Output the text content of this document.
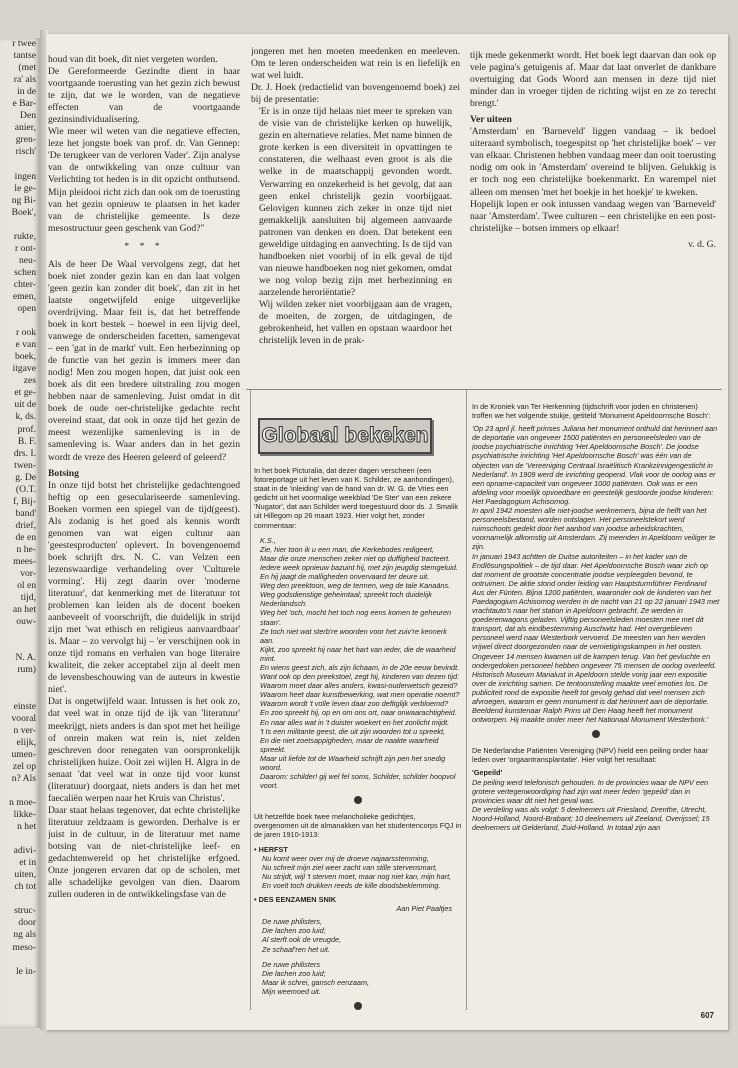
r twee

tantse

(met

ra' als

in de

e Bar-

Den

anier,

gren-

risch'

ingen

le ge-

ng Bi-

Boek',

rukte,

r ont-

neu-

schen

chter-

emen,

open

r ook

e van

boek,

itgave

zes

et ge-

uit de

k, ds.

prof.

B. F.

drs. I.

twen-

g. De

(O.T.

f, Bij-

band'

drief,

de en

n he-

mees-

vor-

ol en

tijd,

an het

ouw-

N. A.

rum)

einste

vooral

n ver-

elijk,

umen-

zel op

n? Als

n moe-

likke-

n het

adivi-

et in

uiten,

ch tot

struc-

door

ng als

meso-

le in-

houd van dit boek, dit niet vergeten worden.

De Gereformeerde Gezindte dient in haar voortgaande toerusting van het gezin zich bewust te zijn, dat we le worden, van de negatieve effecten van de voortgaande gezinsindividualisering.

Wie meer wil weten van die negatieve effecten, leze het jongste boek van prof. dr. Van Gennep: 'De terugkeer van de verloren Vader'. Zijn analyse van de ontwikkeling van onze cultuur van Verlichting tot heden is in dit opzicht onthutsend. Mijn pleidooi richt zich dan ook om de toerusting van het gezin opnieuw te plaatsen in het kader van de christelijke gemeente. Is deze mesostructuur geen geschenk van God?"

* * *

Als de heer De Waal vervolgens zegt, dat het boek niet zonder gezin kan en dan laat volgen 'geen gezin kan zonder dit boek', dan zit in het laatste ongetwijfeld enige uitgeverlijke overdrijving. Maar feit is, dat het betreffende boek in kort bestek – hoewel in een lijvig deel, vanwege de onderscheiden facetten, samengevat – een 'gat in de markt' vult. Een herbezinning op de functie van het gezin is immers meer dan nodig! Men zou mogen hopen, dat juist ook een boek als dit een bredere uitstraling zou mogen hebben naar de samenleving. Juist omdat in dit boek de oude oer-christelijke gedachte recht overeind staat, dat ook in onze tijd het gezin de meest wezenlijke samenleving is in de samenleving is. Waar anders dan in het gezin wordt de vreze des Heeren geleerd of geleerd?

Botsing

In onze tijd botst het christelijke gedachtengoed heftig op een geseculariseerde samenleving. Boeken vormen een spiegel van de tijd(geest). Als zodanig is het goed als kennis wordt genomen van wat eigen cultuur aan 'geestesproducten' oplevert. In bovengenoemd boek schrijft drs. N. C. van Velzen een lezenswaardige verhandeling over 'Culturele vorming'. Hij zegt daarin over 'moderne literatuur', dat kenmerking met de literatuur tot problemen kan leiden als de docent boeken aanbeveelt of voorschrijft, die duidelijk in strijd zijn met 'wat ethisch en religieus aanvaardbaar' is. Maar – zo vervolgt hij – 'er verschijnen ook in onze tijd romans en verhalen van hoge literaire kwaliteit, die zeker acceptabel zijn al deelt men de levensbeschouwing van de auteurs in kwestie niet'.

Dat is ongetwijfeld waar. Intussen is het ook zo, dat veel wat in onze tijd de ijk van 'literatuur' meekrijgt, niets anders is dan spot met het heilige of onrein maken wat rein is, niet zelden geschreven door renegaten van oorspronkelijk christelijken huize. Ooit zei wijlen H. Algra in de senaat 'dat veel wat in onze tijd voor kunst (literatuur) doorgaat, niets anders is dan het met faecaliën werpen naar het Kruis van Christus'.

Daar staat helaas tegenover, dat echte christelijke literatuur zeldzaam is geworden. Derhalve is er juist in de cultuur, in de literatuur met name botsing van de niet-christelijke leef- en gedachtenwereld op het christelijke erfgoed. Onze jongeren ervaren dat op de scholen, met alle schadelijke gevolgen van dien. Daarom zullen ouderen in de ontwikkelingsfase van de

jongeren met hen moeten meedenken en meeleven. Om te leren onderscheiden wat rein is en liefelijk en wat wel luidt.

Dr. J. Hoek (redactielid van bovengenoemd boek) zei bij de presentatie:

'Er is in onze tijd helaas niet meer te spreken van de visie van de christelijke kerken op huwelijk, gezin en alternatieve relaties. Met name binnen de grote kerken is een diversiteit in opvattingen te constateren, die welhaast even groot is als die welke in de maatschappij gevonden wordt. Verwarring en onzekerheid is het gevolg, dat aan geen enkel christelijk gezin voorbijgaat. Gelovigen kunnen zich zeker in onze tijd niet gemakkelijk aansluiten bij algemeen aanvaarde patronen van denken en doen. Dat betekent een geweldige uitdaging en aanvechting. Is de tijd van handboeken niet voorbij of in elk geval de tijd van nieuwe handboeken nog niet gekomen, omdat we nog volop bezig zijn met herbezinning en aarzelende heroriëntatie?

Wij wilden zeker niet voorbijgaan aan de vragen, de moeiten, de zorgen, de uitdagingen, de gebrokenheid, het vallen en opstaan waardoor het christelijk leven in de prak-

tijk mede gekenmerkt wordt. Het boek legt daarvan dan ook op vele pagina's getuigenis af. Maar dat laat onverlet de dankbare overtuiging dat Gods Woord aan mensen in deze tijd niet minder dan in vroeger tijden de richting wijst en ze zo terecht brengt.'

Ver uiteen

'Amsterdam' en 'Barneveld' liggen vandaag – ik bedoel uiteraard symbolisch, toegespitst op 'het christelijke boek' – ver van elkaar. Christenen hebben vandaag meer dan ooit toerusting nodig om ook in 'Amsterdam' overeind te blijven. Gelukkig is er toch nog een christelijke boekenmarkt. En warempel niet alleen om mensen 'met het boekje in het hoekje' te kweken.

Hopelijk lopen er ook intussen vandaag wegen van 'Barneveld' naar 'Amsterdam'. Twee culturen – een christelijke en een post-christelijke – botsen immers op elkaar!

v. d. G.

Globaal bekeken

In het boek Picturalia, dat dezer dagen verscheen (een fotoreportage uit het leven van K. Schilder, ze aanhondingen), staat in de 'inleiding' van de hand van dr. W. G. de Vries een gedicht uit het voormalige weekblad 'De Ster' van een zekere 'Nugator', dat aan Schilder werd toegestuurd door ds. J. Smalik uit Hillegom op 26 maart 1923. Hier volgt het, zonder commentaar:

K.S.,

Zie, hier toon ik u een man, die Kerkebodes redigeert,
Maar die onze menschen zeker niet op duffigheid tracteert.
Iedere week opnieuw bazuint hij, met zijn jeugdig stemgeluid.
En hij jaagt de malligheden onvervaard ter deure uit.
Weg den preektoon, weg de termen, weg de tale Kanaäns.
Weg godsdienstige geheimtaal; spreekt toch duidelijk Nederlandsch.
Weg het 'och, mocht het toch nog eens komen te geheuren staan'.
Ze toch niet wat sterb're woorden voor het zuiv're kennerk aan.
Kijkt, zoo spreekt hij naar het hart van ieder, die de waarheid mint.
En wiens geest zich, als zijn lichaam, in de 20e eeuw bevindt.
Want ook op den preekstoel, zegt hij, kinderen van dezen tijd:
Waarom moet daar alles anders, kwasi-ouderwetsch gezeid?
Waarom heet daar kunstbewerking, wat men operatie noemt?
Waarom wordt 't volle leven daar zoo deftiglijk verbloemd?
En zoo spreekt hij, op en om ons ort, naar onwaarachtigheid.
En naar alles wat in 't duister woekert en het zonlicht mijdt.
't Is een militante geest, die uit zijn woorden tot u spreekt,
En die niet zoetsappigheden, maar de naakte waarheid spreekt.
Maar uit liefde tot de Waarheid schrijft zijn pen het snedig woord.
Daarom: schilder! gij wel fel soms, Schilder, schilder hoopvol voort.

Uit hetzelfde boek twee melancholieke gedichtjes, overgenomen uit de almanakken van het studentencorps FQJ in de jaren 1910-1913:

• HERFST

Nu komt weer over mij de droeve najaarsstemming,
Nu schreit mijn ziel weer zacht van stille stervensmart,
Nu strijdt, wijl 't sterven moet, maar nog niet kan, mijn hart,
En voelt toch drukken reeds de kille doodsbeklemming.

• DES EENZAMEN SNIK

Aan Piet Paaltjes

De ruwe philisters,
Die lachen zoo luid;
Al sterft ook de vreugde,
Ze schaaf'ren het uit.

De ruwe philisters
Die lachen zoo luid;
Maar ik schrei, gansch eenzaam,
Mijn weemoed uit.

In de Kroniek van Ter Herkenning (tijdschrift voor joden en christenen) troffen we het volgende stukje, getiteld 'Monument Apeldoornsche Bosch':

'Op 23 april jl. heeft prinses Juliana het monument onthuld dat herinnert aan de deportatie van ongeveer 1500 patiënten en personeelsleden van de joodse psychiatrische inrichting 'Het Apeldoornsche Bosch'. De joodse psychiatrische inrichting 'Het Apeldoornsche Bosch' was één van de objecten van de 'Vereeniging Centraal Israëlitisch Krankzinnigengesticht in Nederland'. In 1909 werd de inrichting geopend. Vlak voor de oorlog was er een opname-capaciteit van ongeveer 1000 patiënten. Ook was er een afdeling voor moeilijk opvoedbare en geestelijk gestoorde joodse kinderen: Het Paedagogium Achisomog.
In april 1942 moesten alle niet-joodse werknemers, bijna de helft van het personeelsbestand, worden ontslagen. Het personeelstekort werd ruimschoots gedekt door het aanbod van joodse arbeidskrachten, voornamelijk afkomstig uit Amsterdam. Zij meenden in Apeldoorn veiliger te zijn.
In januari 1943 achtten de Duitse autoriteiten – in het kader van de Endlösungspolitiek – de tijd daar. Het Apeldoornsche Bosch waar zich op dat moment de grootste concentratie joodse verpleegden bevond, te ontruimen. De aktie stond onder leiding van Hauptsturmführer Ferdinand Aus der Fünten. Bijna 1200 patiënten, waaronder ook de kinderen van het Paedagogium Achisomog werden in de nacht van 21 op 22 januari 1943 met vrachtauto's naar het station in Apeldoorn gebracht. Ze werden in goederenwagons geladen. Vijftig personeelsleden moesten mee met dit transport, dat als eindbestemming Auschwitz had. Het overgebleven personeel werd naar Westerbork vervoerd. De meesten van hen werden vrijwel direct doorgezonden naar de vernietigingskampen in het oosten. Ongeveer 14 mensen kwamen uit de kampen terug. Van het gevluchte en ondergedoken personeel hebben ongeveer 75 mensen de oorlog overleefd. Historisch Museum Marialust in Apeldoorn stelde vorig jaar een expositie over de inrichting samen. De tentoonstelling maakte veel emoties los. De publiciteit rond de expositie heeft tot gevolg gehad dat veel mensen zich afvroegen, waarom er geen monument is dat herinnert aan de deportatie. Beeldend kunstenaar Ralph Prins uit Den Haag heeft het monument ontworpen. Hij maakte onder meer het Nationaal Monument Westerbork.'

De Nederlandse Patiënten Vereniging (NPV) hield een peiling onder haar leden over 'orgaantransplantatie'. Hier volgt het resultaat:

'Gepeild'

De peiling werd telefonisch gehouden. In de provincies waar de NPV een grotere vertegenwoordiging had zijn wat meer leden 'gepeild' dan in provincies waar dit niet het geval was.
De verdeling was als volgt: 5 deelnemers uit Friesland, Drenthe, Utrecht, Noord-Holland, Noord-Brabant; 10 deelnemers uit Zeeland, Overijssel; 15 deelnemers uit Gelderland, Zuid-Holland. In totaal zijn aan

607
